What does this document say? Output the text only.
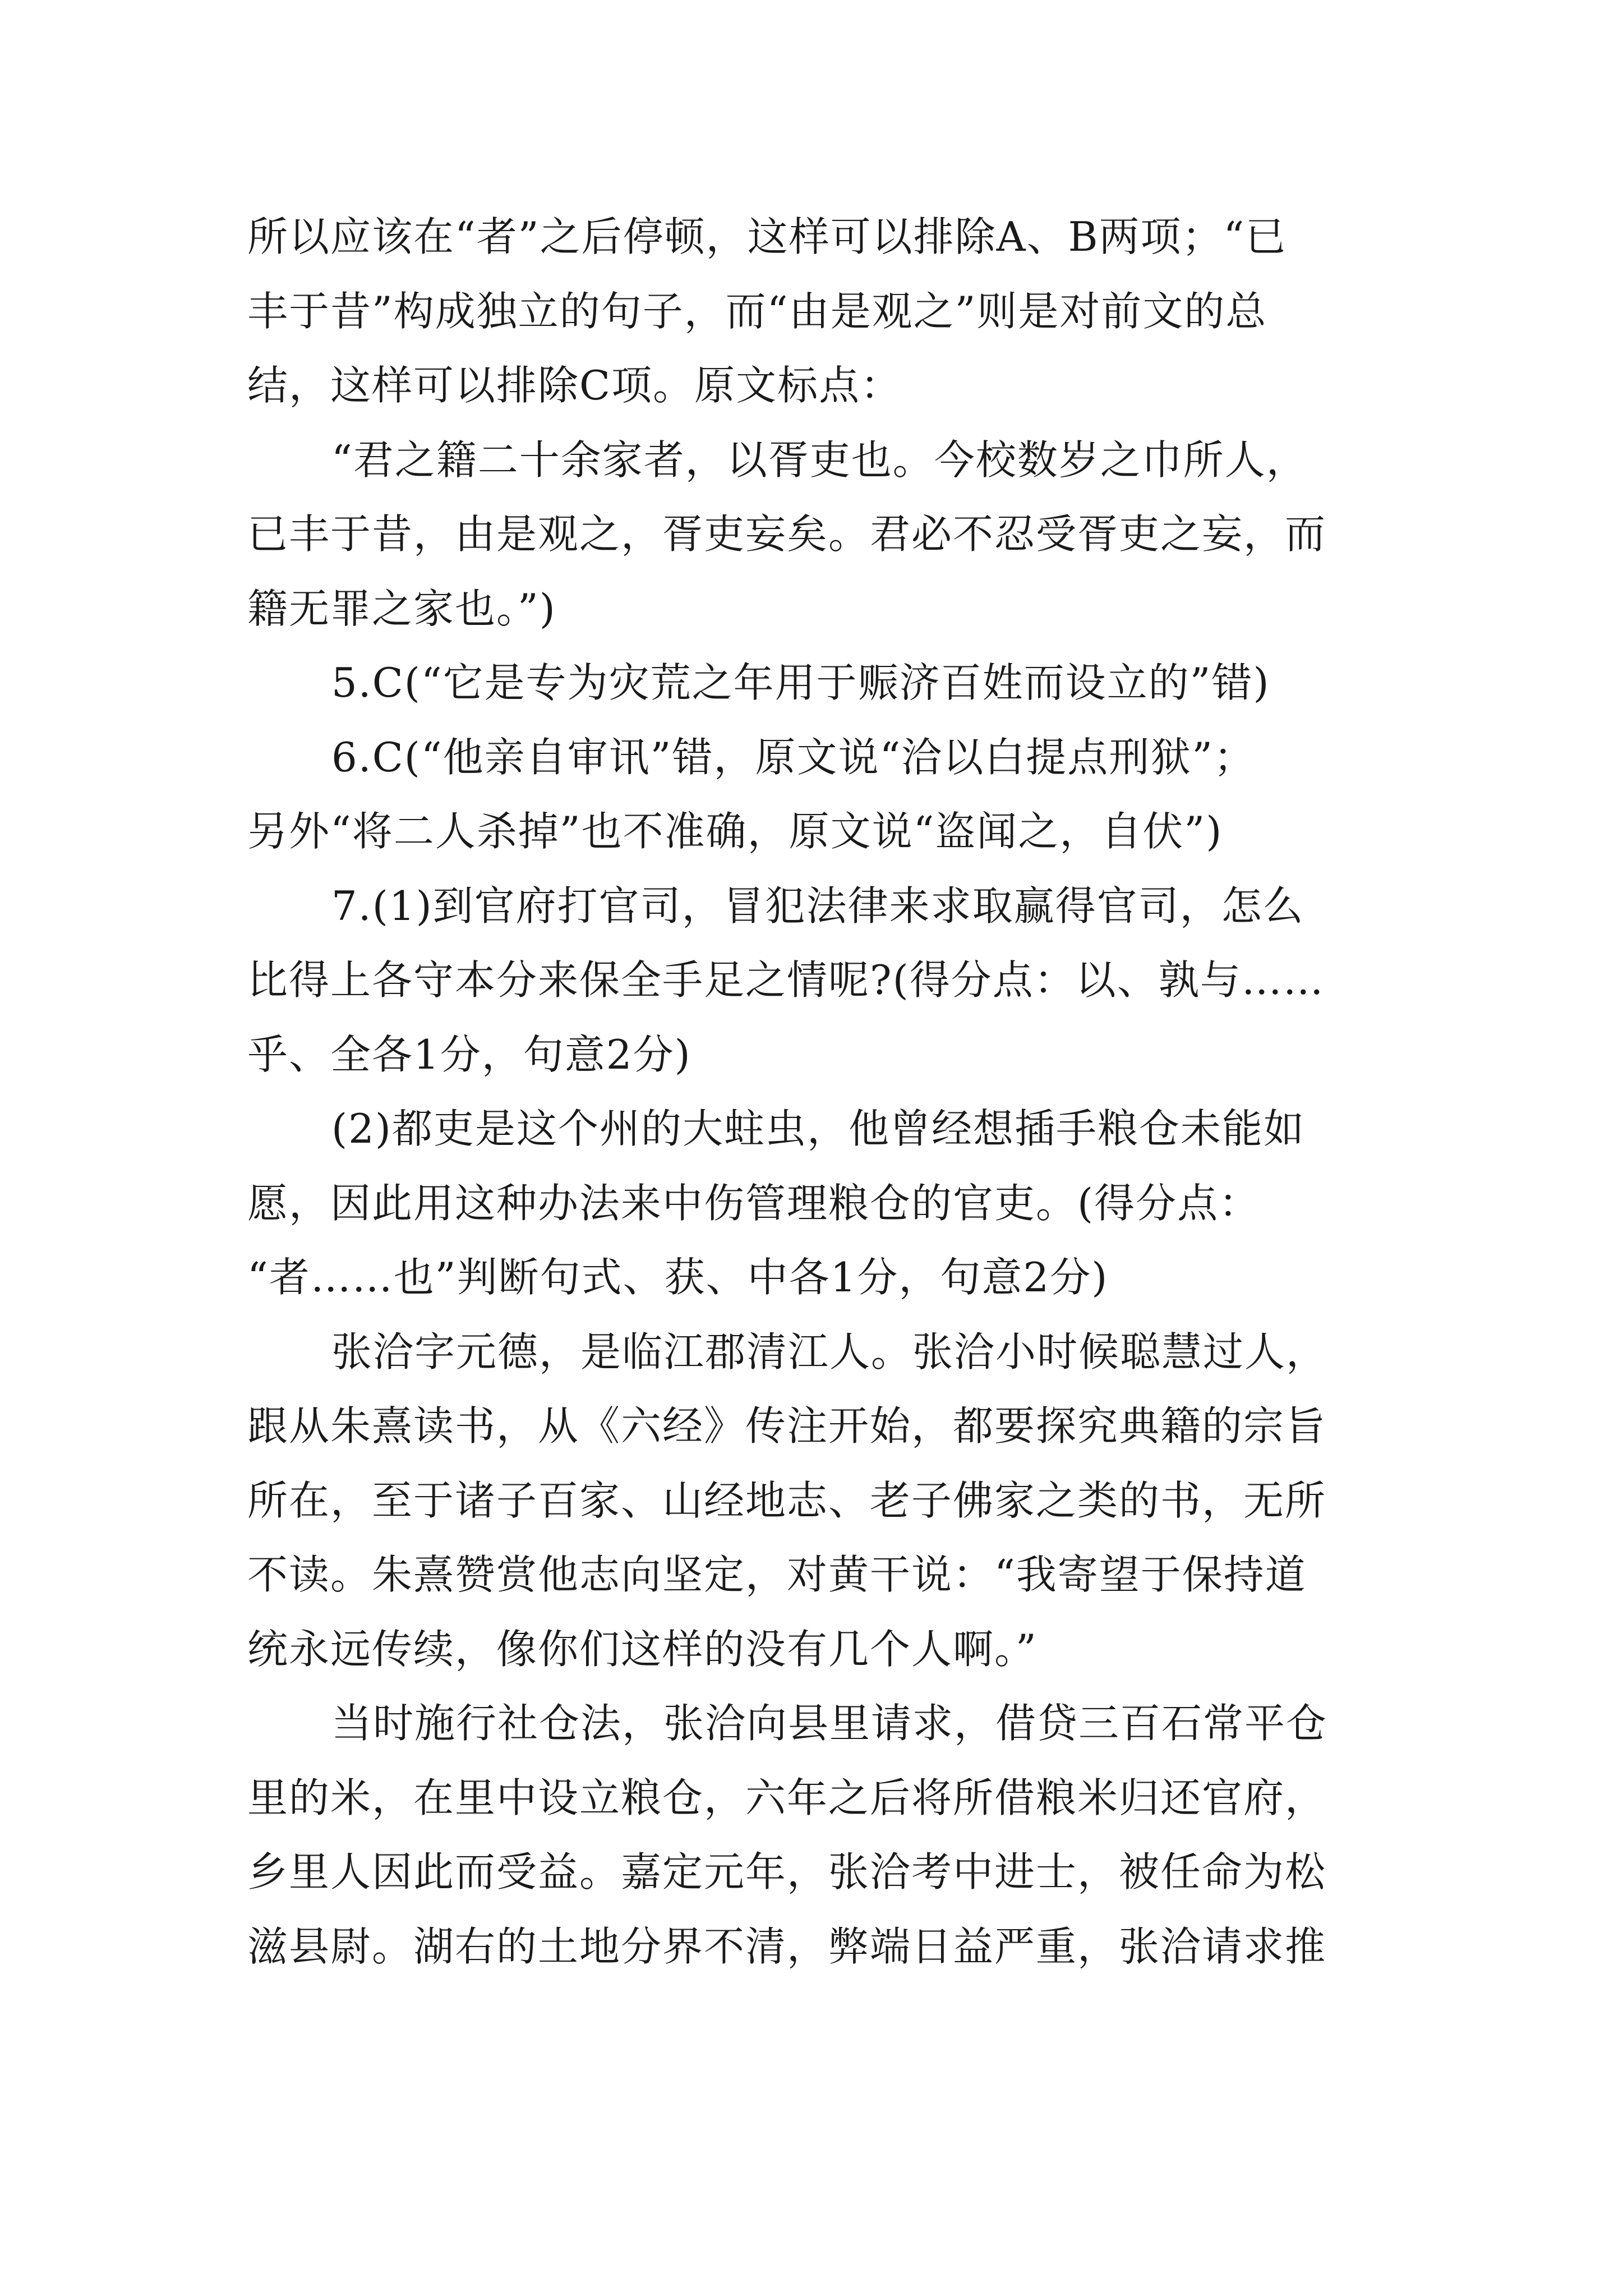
所以应该在“者”之后停顿，这样可以排除A、B两项；“已
丰于昔”构成独立的句子，而“由是观之”则是对前文的总
结，这样可以排除C项。原文标点：
“君之籍二十余家者，以胥吏也。今校数岁之巾所人，
已丰于昔，由是观之，胥吏妄矣。君必不忍受胥吏之妄，而
籍无罪之家也。”)
5.C(“它是专为灾荒之年用于赈济百姓而设立的”错)
6.C(“他亲自审讯”错，原文说“洽以白提点刑狱”；
另外“将二人杀掉”也不准确，原文说“盗闻之，自伏”)
7.(1)到官府打官司，冒犯法律来求取赢得官司，怎么
比得上各守本分来保全手足之情呢?(得分点：以、孰与……
乎、全各1分，句意2分)
(2)都吏是这个州的大蛀虫，他曾经想插手粮仓未能如
愿，因此用这种办法来中伤管理粮仓的官吏。(得分点：
“者……也”判断句式、获、中各1分，句意2分)
张洽字元德，是临江郡清江人。张洽小时候聪慧过人，
跟从朱熹读书，从《六经》传注开始，都要探究典籍的宗旨
所在，至于诸子百家、山经地志、老子佛家之类的书，无所
不读。朱熹赞赏他志向坚定，对黄干说：“我寄望于保持道
统永远传续，像你们这样的没有几个人啊。”
当时施行社仓法，张洽向县里请求，借贷三百石常平仓
里的米，在里中设立粮仓，六年之后将所借粮米归还官府，
乡里人因此而受益。嘉定元年，张洽考中进士，被任命为松
滋县尉。湖右的土地分界不清，弊端日益严重，张洽请求推
